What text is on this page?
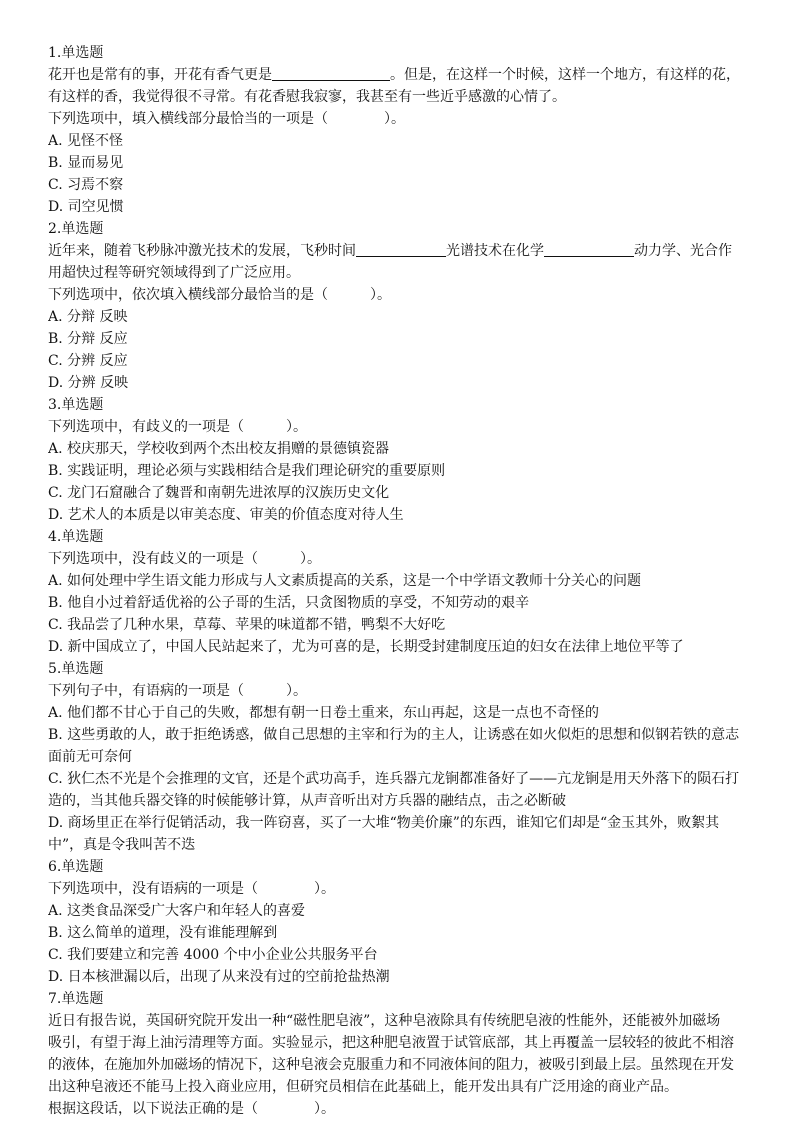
1.单选题
花开也是常有的事，开花有香气更是	。但是，在这样一个时候，这样一个地方，有这样的花，
有这样的香，我觉得很不寻常。有花香慰我寂寥，我甚至有一些近乎感激的心情了。
下列选项中，填入横线部分最恰当的一项是（　　　　）。
A. 见怪不怪
B. 显而易见
C. 习焉不察
D. 司空见惯
2.单选题
近年来，随着飞秒脉冲激光技术的发展，飞秒时间	光谱技术在化学	动力学、光合作
用超快过程等研究领域得到了广泛应用。
下列选项中，依次填入横线部分最恰当的是（　　　）。
A. 分辩 反映
B. 分辩 反应
C. 分辨 反应
D. 分辨 反映
3.单选题
下列选项中，有歧义的一项是（　　　）。
A. 校庆那天，学校收到两个杰出校友捐赠的景德镇瓷器
B. 实践证明，理论必须与实践相结合是我们理论研究的重要原则
C. 龙门石窟融合了魏晋和南朝先进浓厚的汉族历史文化
D. 艺术人的本质是以审美态度、审美的价值态度对待人生
4.单选题
下列选项中，没有歧义的一项是（　　　）。
A. 如何处理中学生语文能力形成与人文素质提高的关系，这是一个中学语文教师十分关心的问题
B. 他自小过着舒适优裕的公子哥的生活，只贪图物质的享受，不知劳动的艰辛
C. 我品尝了几种水果，草莓、苹果的味道都不错，鸭梨不大好吃
D. 新中国成立了，中国人民站起来了，尤为可喜的是，长期受封建制度压迫的妇女在法律上地位平等了
5.单选题
下列句子中，有语病的一项是（　　　）。
A. 他们都不甘心于自己的失败，都想有朝一日卷土重来，东山再起，这是一点也不奇怪的
B. 这些勇敢的人，敢于拒绝诱惑，做自己思想的主宰和行为的主人，让诱惑在如火似炬的思想和似钢若铁的意志
面前无可奈何
C. 狄仁杰不光是个会推理的文官，还是个武功高手，连兵器亢龙锏都准备好了——亢龙锏是用天外落下的陨石打
造的，当其他兵器交锋的时候能够计算，从声音听出对方兵器的融结点，击之必断破
D. 商场里正在举行促销活动，我一阵窃喜，买了一大堆“物美价廉”的东西，谁知它们却是“金玉其外，败絮其
中”，真是令我叫苦不迭
6.单选题
下列选项中，没有语病的一项是（　　　　）。
A. 这类食品深受广大客户和年轻人的喜爱
B. 这么简单的道理，没有谁能理解到
C. 我们要建立和完善 4000 个中小企业公共服务平台
D. 日本核泄漏以后，出现了从来没有过的空前抢盐热潮
7.单选题
近日有报告说，英国研究院开发出一种“磁性肥皂液”，这种皂液除具有传统肥皂液的性能外，还能被外加磁场
吸引，有望于海上油污清理等方面。实验显示，把这种肥皂液置于试管底部，其上再覆盖一层较轻的彼此不相溶
的液体，在施加外加磁场的情况下，这种皂液会克服重力和不同液体间的阻力，被吸引到最上层。虽然现在开发
出这种皂液还不能马上投入商业应用，但研究员相信在此基础上，能开发出具有广泛用途的商业产品。
根据这段话，以下说法正确的是（　　　　）。
